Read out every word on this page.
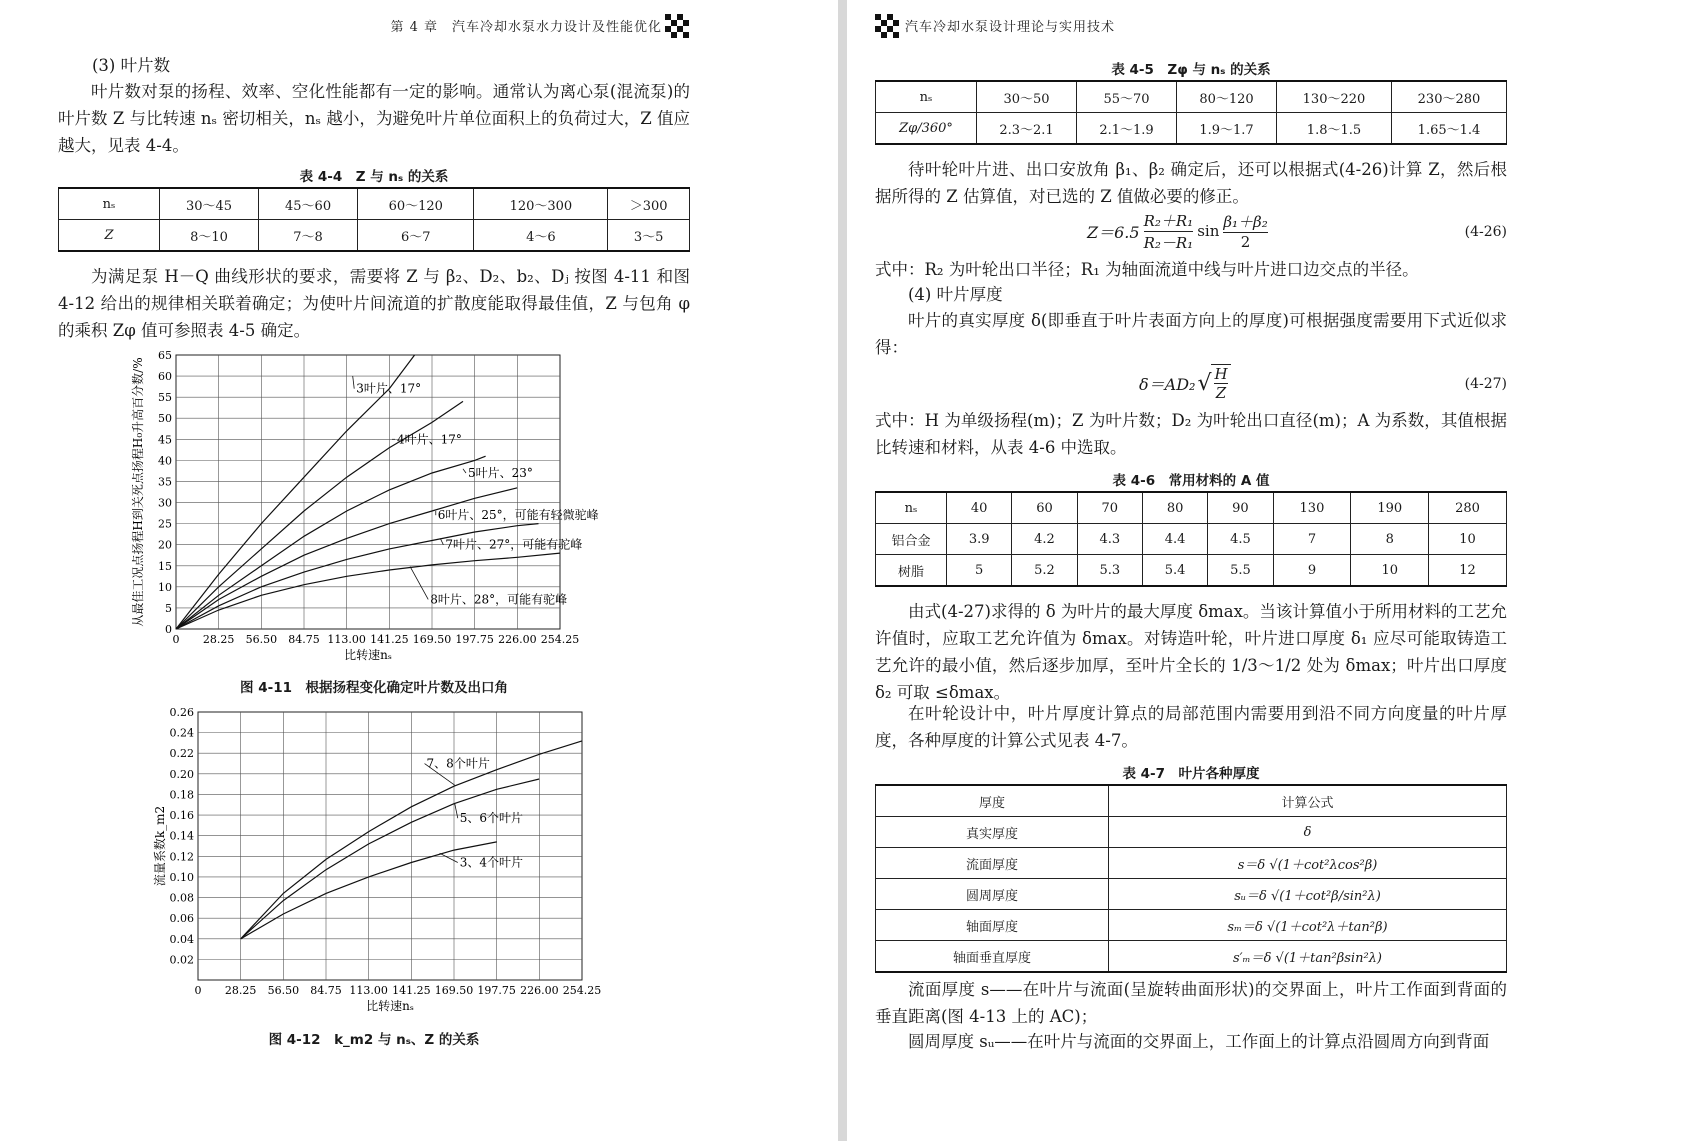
第 4 章　汽车冷却水泵水力设计及性能优化
(3) 叶片数
叶片数对泵的扬程、效率、空化性能都有一定的影响。通常认为离心泵(混流泵)的叶片数 Z 与比转速 nₛ 密切相关，nₛ 越小，为避免叶片单位面积上的负荷过大，Z 值应越大，见表 4-4。
表 4-4　Z 与 nₛ 的关系
nₛ	30～45	45～60	60～120	120～300	＞300
Z	8～10	7～8	6～7	4～6	3～5
为满足泵 H－Q 曲线形状的要求，需要将 Z 与 β₂、D₂、b₂、Dⱼ 按图 4-11 和图 4-12 给出的规律相关联着确定；为使叶片间流道的扩散度能取得最佳值，Z 与包角 φ 的乘积 Zφ 值可参照表 4-5 确定。
0 28.25 56.50 84.75 113.00 141.25 169.50 197.75 226.00 254.25
0
5
10
15
20
25
30
35
40
45
50
55
60
65
3叶片、17°
4叶片、17°
5叶片、23°
6叶片、25°，可能有轻微驼峰
7叶片、27°，可能有驼峰
8叶片、28°，可能有驼峰
比转速nₛ
从最佳工况点扬程H到关死点扬程H₀升高百分数/%
图 4-11　根据扬程变化确定叶片数及出口角
0 28.25 56.50 84.75 113.00 141.25 169.50 197.75 226.00 254.25
0.02
0.04
0.06
0.08
0.10
0.12
0.14
0.16
0.18
0.20
0.22
0.24
0.26
7、8个叶片
5、6个叶片
3、4个叶片
比转速nₛ
流量系数k_m2
图 4-12　k_m2 与 nₛ、Z 的关系
汽车冷却水泵设计理论与实用技术
表 4-5　Zφ 与 nₛ 的关系
nₛ	30～50	55～70	80～120	130～220	230～280
Zφ/360°	2.3～2.1	2.1～1.9	1.9～1.7	1.8～1.5	1.65～1.4
待叶轮叶片进、出口安放角 β₁、β₂ 确定后，还可以根据式(4-26)计算 Z，然后根据所得的 Z 估算值，对已选的 Z 值做必要的修正。
Z＝6.5
R₂＋R₁
R₂－R₁
sin β₁＋β₂
2
(4-26)
式中：R₂ 为叶轮出口半径；R₁ 为轴面流道中线与叶片进口边交点的半径。
(4) 叶片厚度
叶片的真实厚度 δ(即垂直于叶片表面方向上的厚度)可根据强度需要用下式近似求得：
δ＝AD₂ √ H
Z	(4-27)
式中：H 为单级扬程(m)；Z 为叶片数；D₂ 为叶轮出口直径(m)；A 为系数，其值根据比转速和材料，从表 4-6 中选取。
表 4-6　常用材料的 A 值
nₛ	40	60	70	80	90	130	190	280
铝合金	3.9	4.2	4.3	4.4	4.5	7	8	10
树脂	5	5.2	5.3	5.4	5.5	9	10	12
由式(4-27)求得的 δ 为叶片的最大厚度 δmax。当该计算值小于所用材料的工艺允许值时，应取工艺允许值为 δmax。对铸造叶轮，叶片进口厚度 δ₁ 应尽可能取铸造工艺允许的最小值，然后逐步加厚，至叶片全长的 1/3～1/2 处为 δmax；叶片出口厚度 δ₂ 可取 ≤δmax。
在叶轮设计中，叶片厚度计算点的局部范围内需要用到沿不同方向度量的叶片厚度，各种厚度的计算公式见表 4-7。
表 4-7　叶片各种厚度
厚度	计算公式
真实厚度	δ
流面厚度	s＝δ √(1＋cot²λcos²β)
圆周厚度	sᵤ＝δ √(1＋cot²β/sin²λ)
轴面厚度	sₘ＝δ √(1＋cot²λ＋tan²β)
轴面垂直厚度	s′ₘ＝δ √(1＋tan²βsin²λ)
流面厚度 s——在叶片与流面(呈旋转曲面形状)的交界面上，叶片工作面到背面的垂直距离(图 4-13 上的 AC)；
圆周厚度 sᵤ——在叶片与流面的交界面上，工作面上的计算点沿圆周方向到背面
